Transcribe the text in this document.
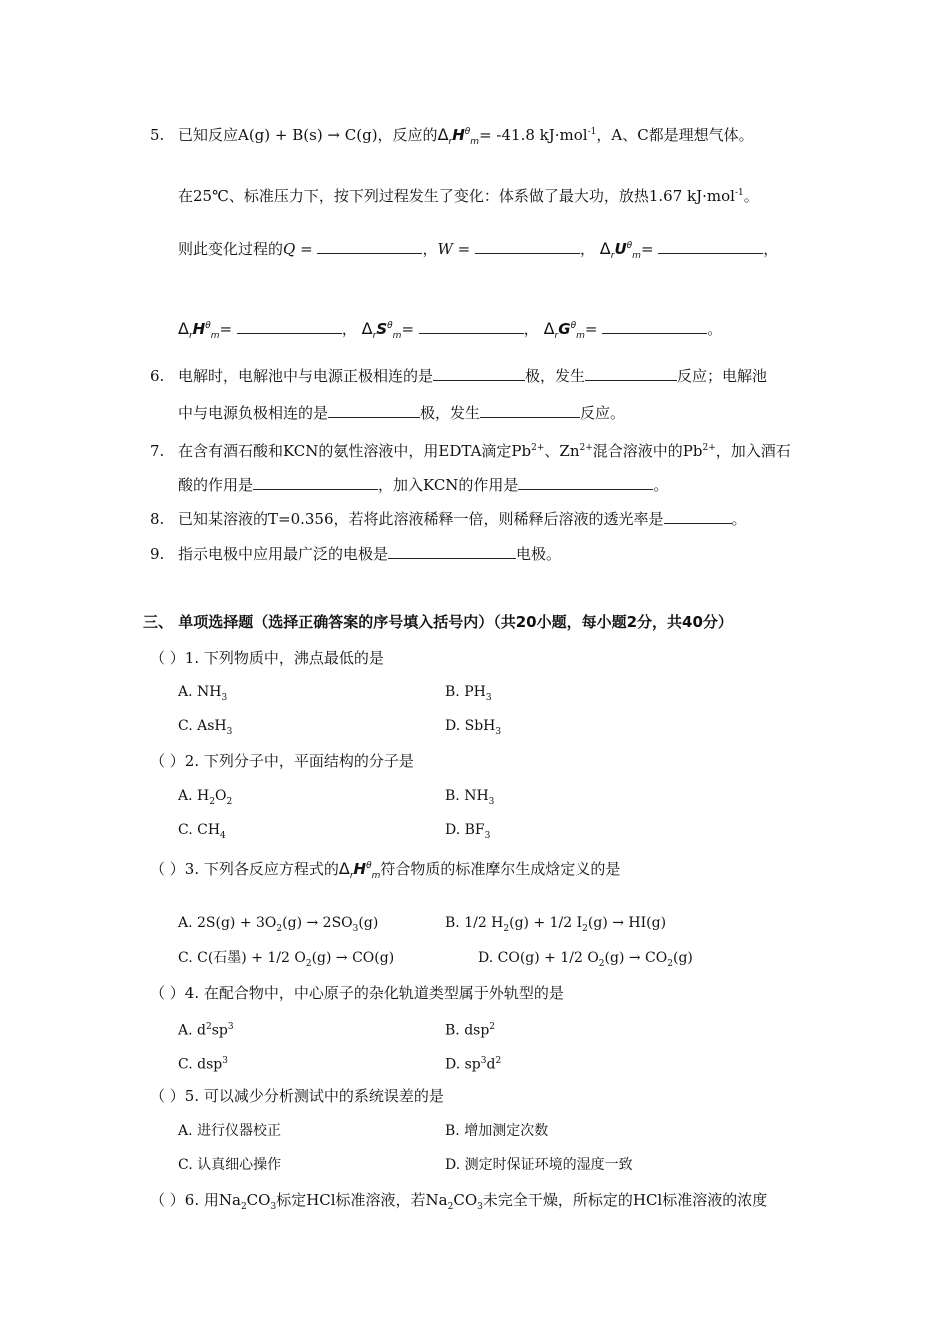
5. 已知反应A(g) + B(s) → C(g)，反应的$\Delta_rH^\theta_m= -41.8$ kJ·mol$^{-1}$，A、C都是理想气体。
在25℃、标准压力下，按下列过程发生了变化：体系做了最大功，放热1.67 kJ·mol$^{-1}$。
则此变化过程的Q =	，W =	， $\Delta_rU^\theta_m=$	，
$\Delta_rH^\theta_m=$	， $\Delta_rS^\theta_m=$	， $\Delta_rG^\theta_m=$	。
6. 电解时，电解池中与电源正极相连的是	极，发生	反应；电解池
中与电源负极相连的是	极，发生	反应。
7. 在含有酒石酸和KCN的氨性溶液中，用EDTA滴定$Pb^{2+}$、$Zn^{2+}$混合溶液中的$Pb^{2+}$，加入酒石
酸的作用是	，加入KCN的作用是	。
8. 已知某溶液的T=0.356，若将此溶液稀释一倍，则稀释后溶液的透光率是	。
9. 指示电极中应用最广泛的电极是	电极。
三、 单项选择题（选择正确答案的序号填入括号内）（共20小题，每小题2分，共40分）
（ ）1. 下列物质中，沸点最低的是
A. $NH_3$	B. $PH_3$
C. AsH$_3$	D. SbH$_3$
（ ）2. 下列分子中，平面结构的分子是
A. $H_2O_2$	B. $NH_3$
C. $CH_4$	D. $BF_3$
（ ）3. 下列各反应方程式的$\Delta_rH^\theta_m$符合物质的标准摩尔生成焓定义的是
A. $2S(g) + 3O_2(g) \to 2SO_3(g)$	B. 1/2 $H_2(g) + 1/2$ $I_2(g) \to HI(g)$
C. C(石墨) + 1/2 $O_2(g) \to CO(g)$	D. CO(g) + 1/2 $O_2(g) \to CO_2(g)$
（ ）4. 在配合物中，中心原子的杂化轨道类型属于外轨型的是
A. $d^2sp^3$	B. dsp$^2$
C. dsp$^3$	D. $sp^3d^2$
（ ）5. 可以减少分析测试中的系统误差的是
A. 进行仪器校正	B. 增加测定次数
C. 认真细心操作	D. 测定时保证环境的湿度一致
（ ）6. 用$Na_2CO_3$标定HCl标准溶液，若$Na_2CO_3$未完全干燥，所标定的HCl标准溶液的浓度
